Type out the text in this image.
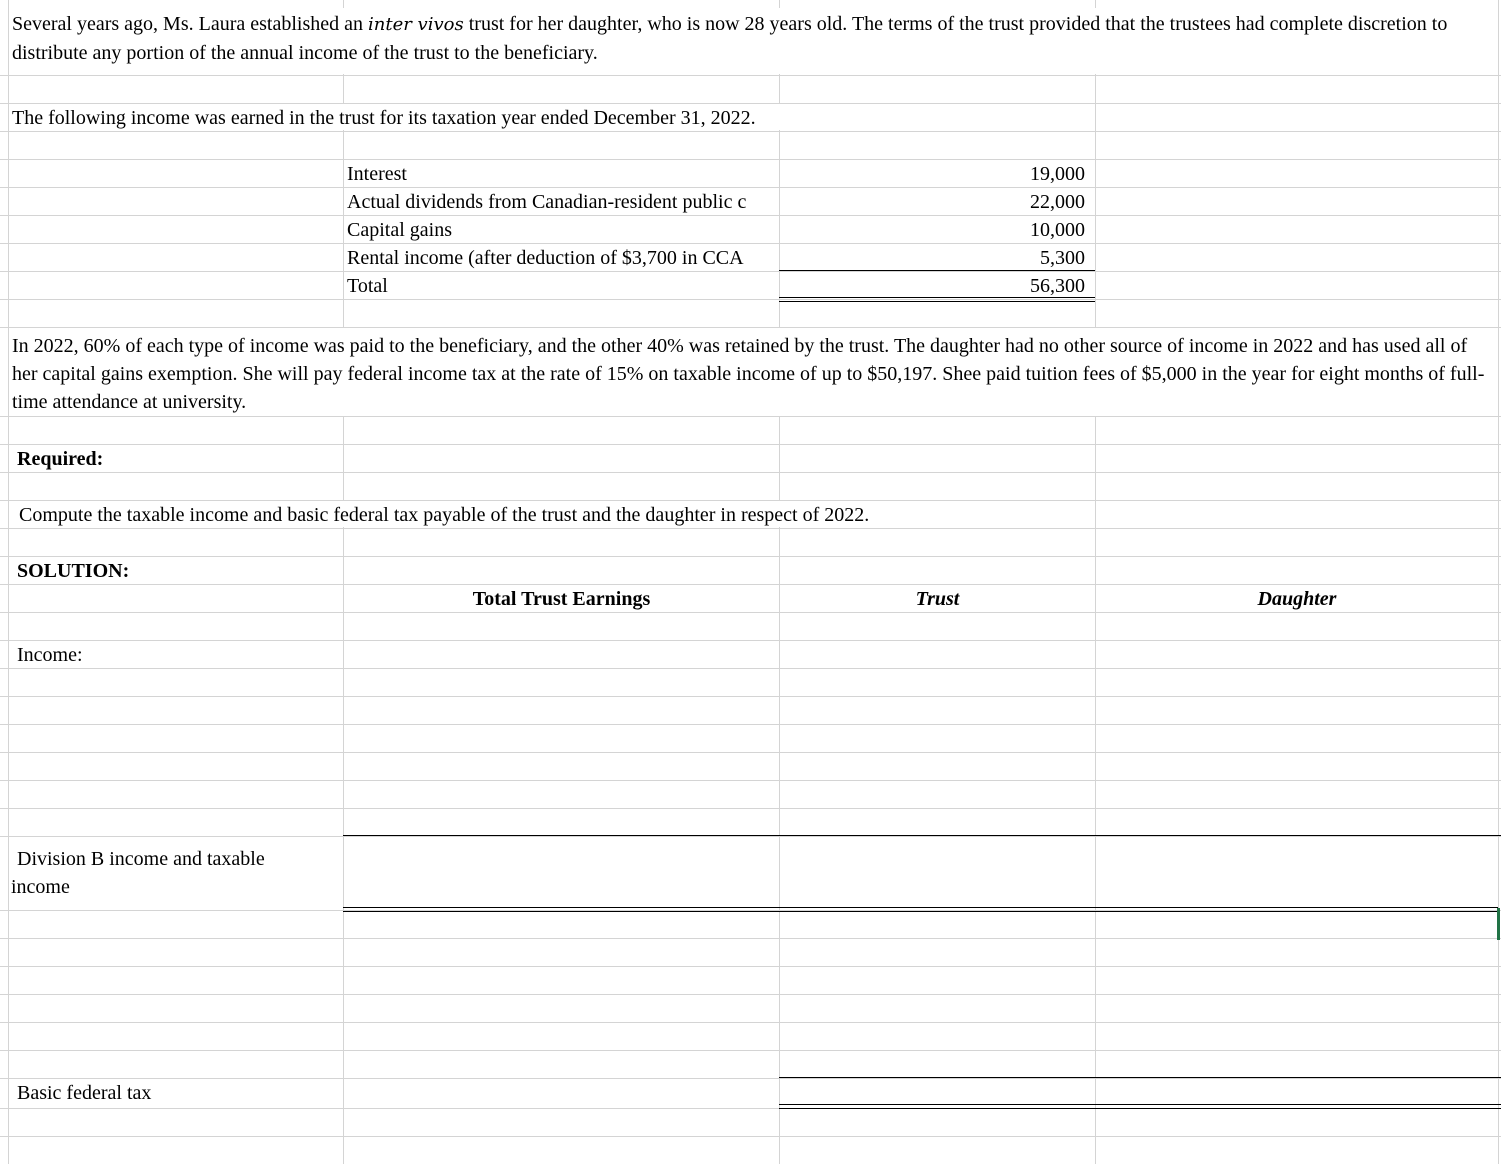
Several years ago, Ms. Laura established an inter vivos trust for her daughter, who is now 28 years old. The terms of the trust provided that the trustees had complete discretion to distribute any portion of the annual income of the trust to the beneficiary.
The following income was earned in the trust for its taxation year ended December 31, 2022.
Interest
Actual dividends from Canadian-resident public c
Capital gains
Rental income (after deduction of $3,700 in CCA
Total
19,000
22,000
10,000
5,300
56,300
In 2022, 60% of each type of income was paid to the beneficiary, and the other 40% was retained by the trust. The daughter had no other source of income in 2022 and has used all of her capital gains exemption. She will pay federal income tax at the rate of 15% on taxable income of up to $50,197. Shee paid tuition fees of $5,000 in the year for eight months of full-time attendance at university.
Required:
Compute the taxable income and basic federal tax payable of the trust and the daughter in respect of 2022.
SOLUTION:
Total Trust Earnings	Trust	Daughter
Income:
Division B income and taxable
income
Basic federal tax
